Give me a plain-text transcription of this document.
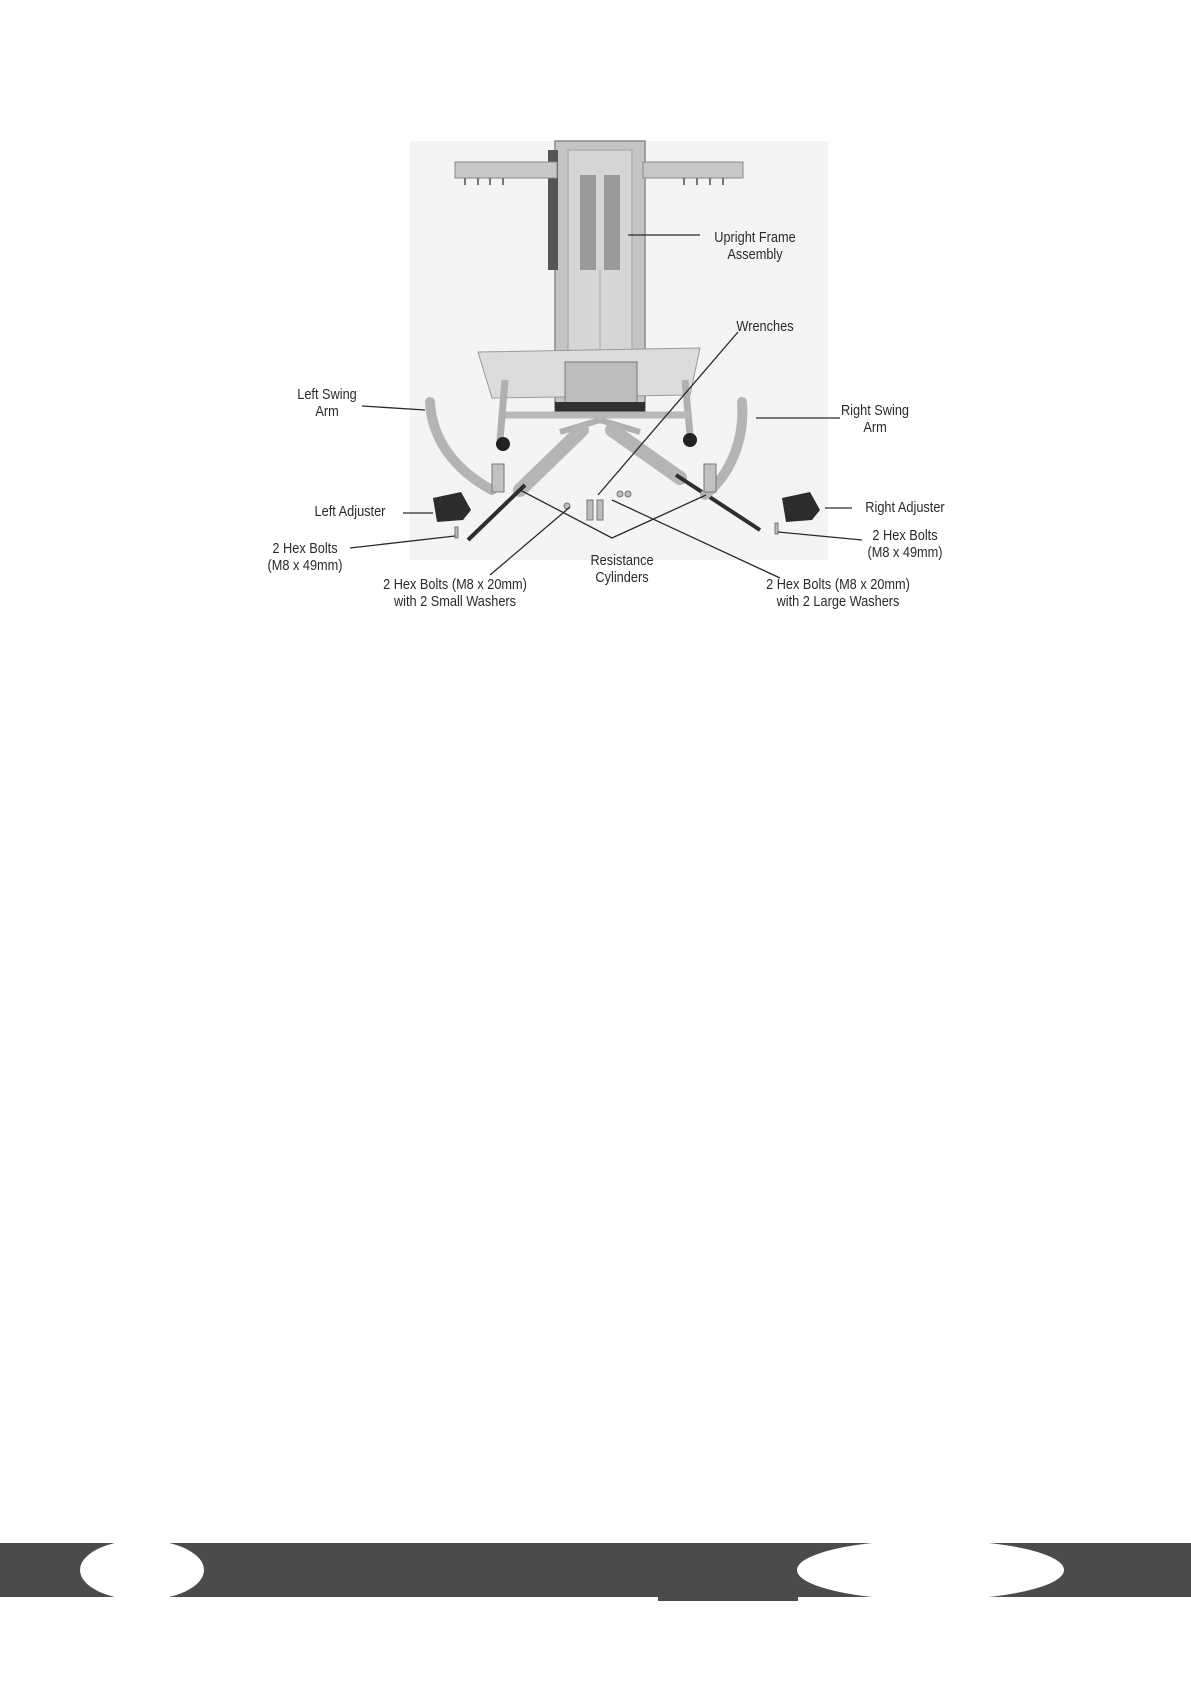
Upright Frame
Assembly
Wrenches
Left Swing
Arm	Right Swing
Arm
Left Adjuster	Right Adjuster
2 Hex Bolts
(M8 x 49mm)
2 Hex Bolts
(M8 x 49mm)
2 Hex Bolts (M8 x 20mm)
with 2 Small Washers
Resistance
Cylinders	2 Hex Bolts (M8 x 20mm)
with 2 Large Washers
